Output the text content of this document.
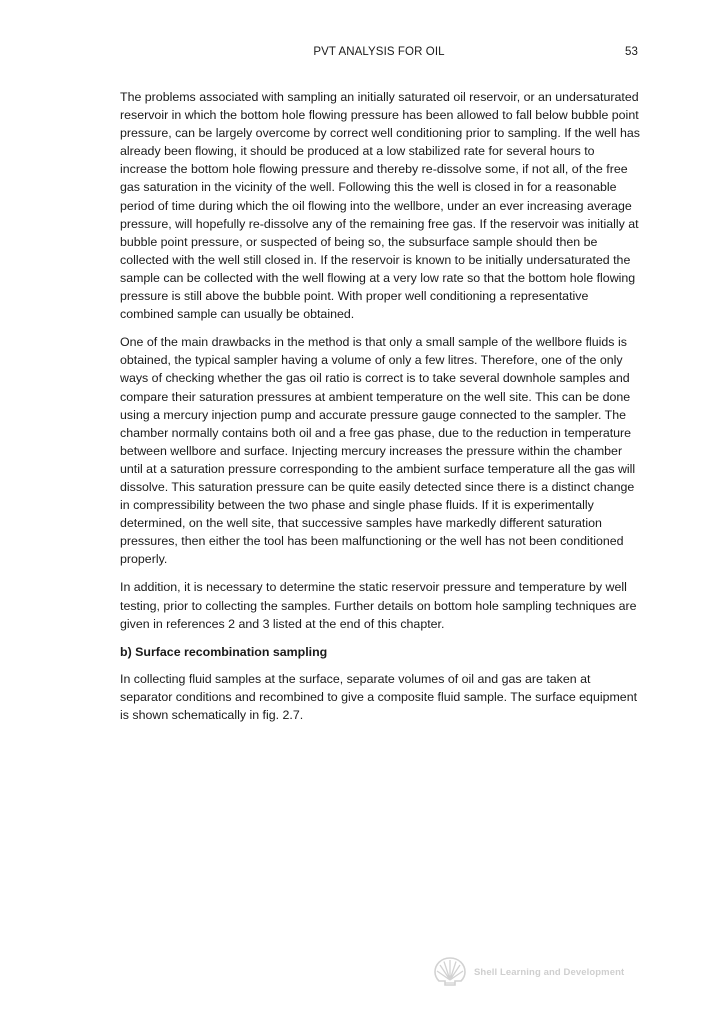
PVT ANALYSIS FOR OIL	53

The problems associated with sampling an initially saturated oil reservoir, or an undersaturated reservoir in which the bottom hole flowing pressure has been allowed to fall below bubble point pressure, can be largely overcome by correct well conditioning prior to sampling. If the well has already been flowing, it should be produced at a low stabilized rate for several hours to increase the bottom hole flowing pressure and thereby re-dissolve some, if not all, of the free gas saturation in the vicinity of the well. Following this the well is closed in for a reasonable period of time during which the oil flowing into the wellbore, under an ever increasing average pressure, will hopefully re-dissolve any of the remaining free gas. If the reservoir was initially at bubble point pressure, or suspected of being so, the subsurface sample should then be collected with the well still closed in. If the reservoir is known to be initially undersaturated the sample can be collected with the well flowing at a very low rate so that the bottom hole flowing pressure is still above the bubble point. With proper well conditioning a representative combined sample can usually be obtained.

One of the main drawbacks in the method is that only a small sample of the wellbore fluids is obtained, the typical sampler having a volume of only a few litres. Therefore, one of the only ways of checking whether the gas oil ratio is correct is to take several downhole samples and compare their saturation pressures at ambient temperature on the well site. This can be done using a mercury injection pump and accurate pressure gauge connected to the sampler. The chamber normally contains both oil and a free gas phase, due to the reduction in temperature between wellbore and surface. Injecting mercury increases the pressure within the chamber until at a saturation pressure corresponding to the ambient surface temperature all the gas will dissolve. This saturation pressure can be quite easily detected since there is a distinct change in compressibility between the two phase and single phase fluids. If it is experimentally determined, on the well site, that successive samples have markedly different saturation pressures, then either the tool has been malfunctioning or the well has not been conditioned properly.

In addition, it is necessary to determine the static reservoir pressure and temperature by well testing, prior to collecting the samples. Further details on bottom hole sampling techniques are given in references 2 and 3 listed at the end of this chapter.

b) Surface recombination sampling

In collecting fluid samples at the surface, separate volumes of oil and gas are taken at separator conditions and recombined to give a composite fluid sample. The surface equipment is shown schematically in fig. 2.7.

Shell Learning and Development
